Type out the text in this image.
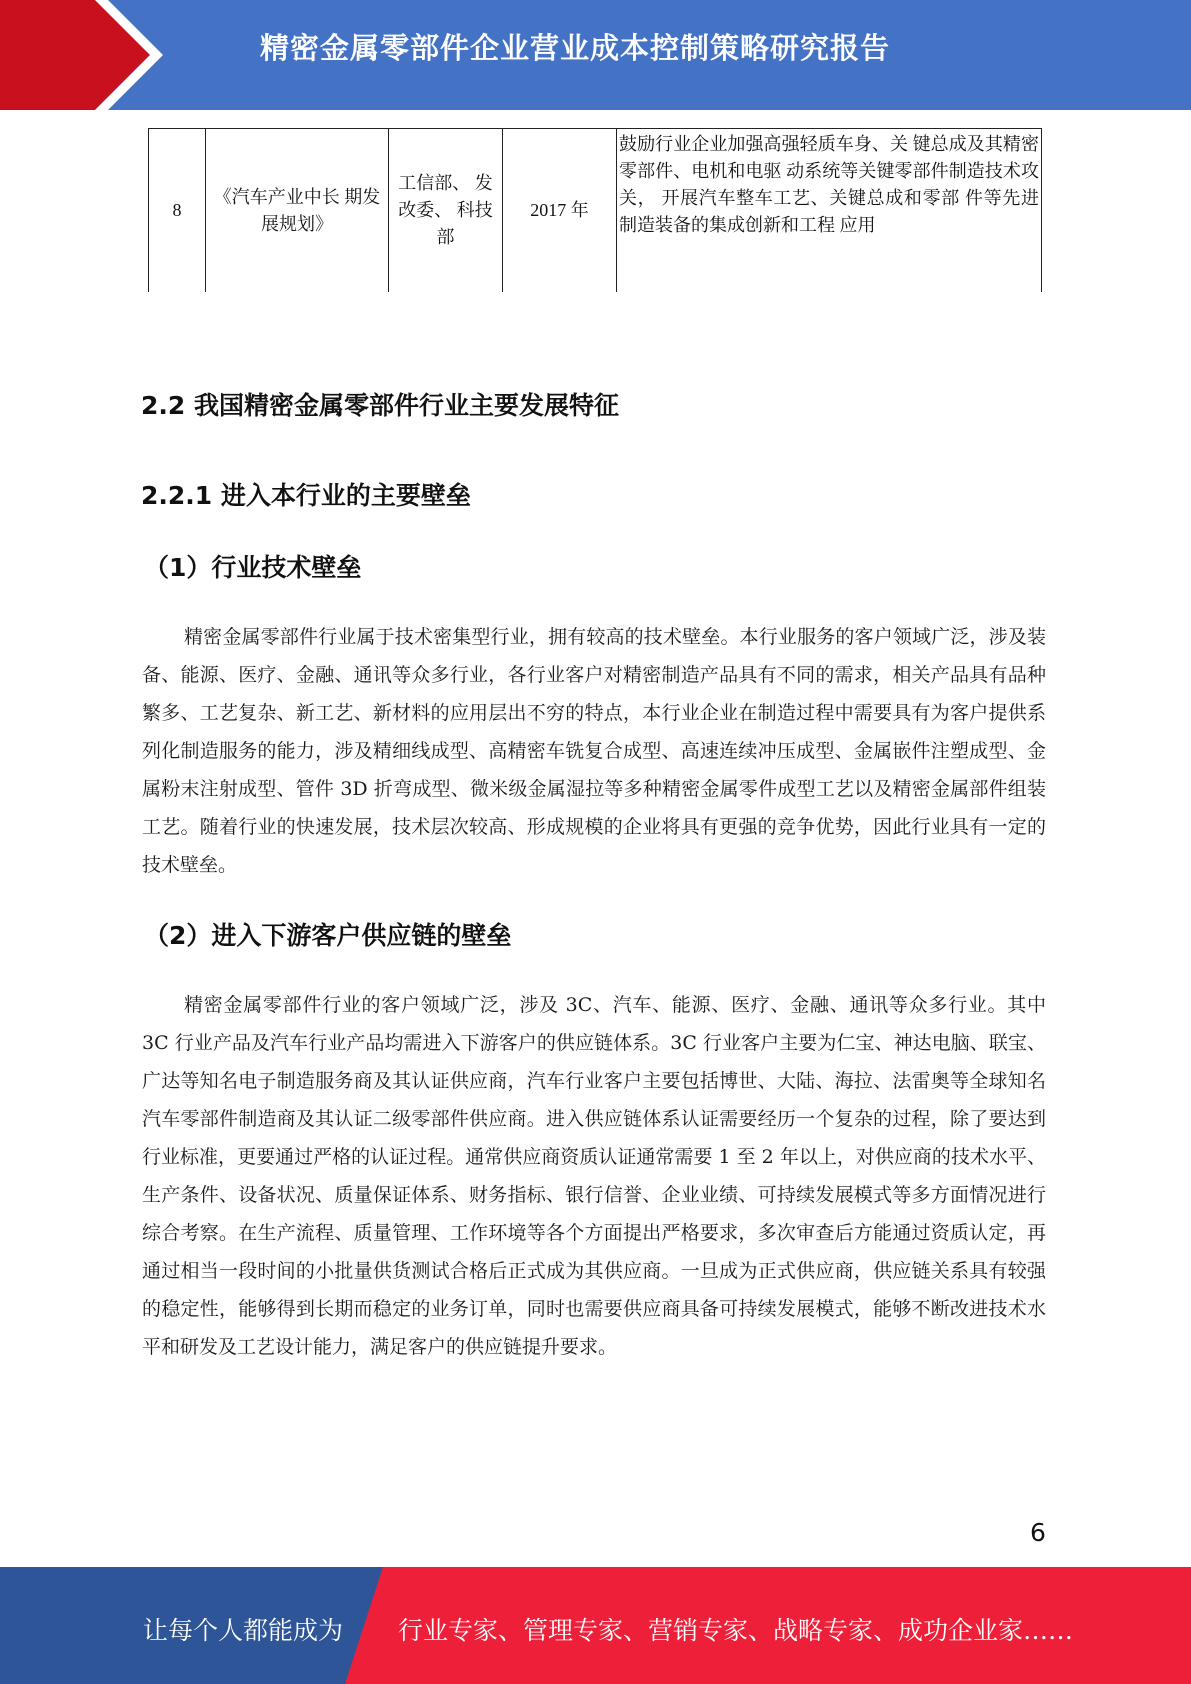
精密金属零部件企业营业成本控制策略研究报告
8
《汽车产业中长 期发展规划》
工信部、 发改委、 科技部
2017 年
鼓励行业企业加强高强轻质车身、关 键总成及其精密零部件、电机和电驱 动系统等关键零部件制造技术攻关， 开展汽车整车工艺、关键总成和零部 件等先进制造装备的集成创新和工程 应用
2.2 我国精密金属零部件行业主要发展特征
2.2.1 进入本行业的主要壁垒
（1）行业技术壁垒

精密金属零部件行业属于技术密集型行业，拥有较高的技术壁垒。本行业服务的客户领域广泛，涉及装备、能源、医疗、金融、通讯等众多行业，各行业客户对精密制造产品具有不同的需求，相关产品具有品种繁多、工艺复杂、新工艺、新材料的应用层出不穷的特点，本行业企业在制造过程中需要具有为客户提供系列化制造服务的能力，涉及精细线成型、高精密车铣复合成型、高速连续冲压成型、金属嵌件注塑成型、金属粉末注射成型、管件 3D 折弯成型、微米级金属湿拉等多种精密金属零件成型工艺以及精密金属部件组装工艺。随着行业的快速发展，技术层次较高、形成规模的企业将具有更强的竞争优势，因此行业具有一定的技术壁垒。

（2）进入下游客户供应链的壁垒

精密金属零部件行业的客户领域广泛，涉及 3C、汽车、能源、医疗、金融、通讯等众多行业。其中 3C 行业产品及汽车行业产品均需进入下游客户的供应链体系。3C 行业客户主要为仁宝、神达电脑、联宝、广达等知名电子制造服务商及其认证供应商，汽车行业客户主要包括博世、大陆、海拉、法雷奥等全球知名汽车零部件制造商及其认证二级零部件供应商。进入供应链体系认证需要经历一个复杂的过程，除了要达到行业标准，更要通过严格的认证过程。通常供应商资质认证通常需要 1 至 2 年以上，对供应商的技术水平、生产条件、设备状况、质量保证体系、财务指标、银行信誉、企业业绩、可持续发展模式等多方面情况进行综合考察。在生产流程、质量管理、工作环境等各个方面提出严格要求，多次审查后方能通过资质认定，再通过相当一段时间的小批量供货测试合格后正式成为其供应商。一旦成为正式供应商，供应链关系具有较强的稳定性，能够得到长期而稳定的业务订单，同时也需要供应商具备可持续发展模式，能够不断改进技术水平和研发及工艺设计能力，满足客户的供应链提升要求。

6
让每个人都能成为 行业专家、管理专家、营销专家、战略专家、成功企业家……
